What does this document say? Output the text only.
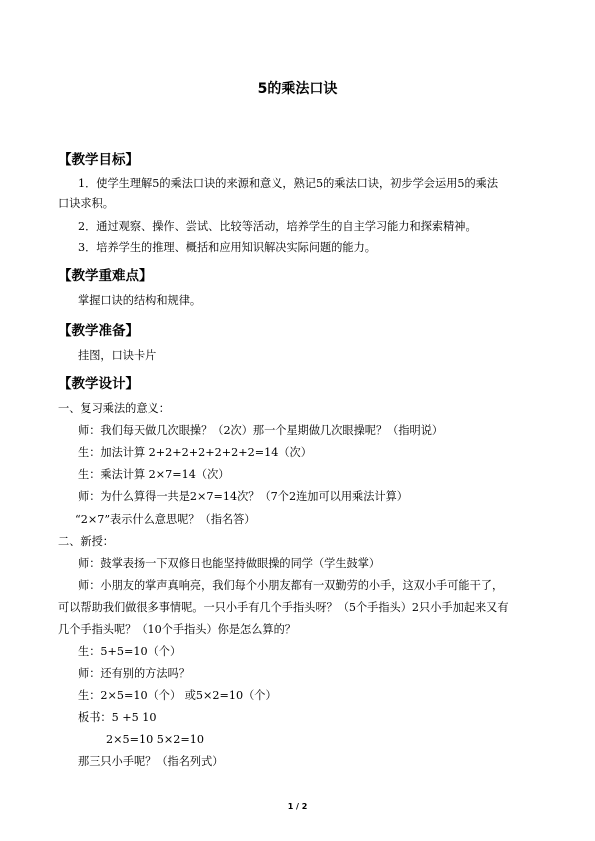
5的乘法口诀
【教学目标】
1．使学生理解5的乘法口诀的来源和意义，熟记5的乘法口诀，初步学会运用5的乘法
口诀求积。
2．通过观察、操作、尝试、比较等活动，培养学生的自主学习能力和探索精神。
3．培养学生的推理、概括和应用知识解决实际问题的能力。
【教学重难点】
掌握口诀的结构和规律。
【教学准备】
挂图，口诀卡片
【教学设计】
一、复习乘法的意义：
师：我们每天做几次眼操？（2次）那一个星期做几次眼操呢？（指明说）
生：加法计算 2+2+2+2+2+2+2=14（次）
生：乘法计算 2×7=14（次）
师：为什么算得一共是2×7=14次？（7个2连加可以用乘法计算）
“2×7”表示什么意思呢？（指名答）
二、新授：
师：鼓掌表扬一下双修日也能坚持做眼操的同学（学生鼓掌）
师：小朋友的掌声真响亮，我们每个小朋友都有一双勤劳的小手，这双小手可能干了，
可以帮助我们做很多事情呢。一只小手有几个手指头呀？（5个手指头）2只小手加起来又有
几个手指头呢？（10个手指头）你是怎么算的？
生：5+5=10（个）
师：还有别的方法吗？
生：2×5=10（个） 或5×2=10（个）
板书：5 +5 10
2×5=10 5×2=10
那三只小手呢？（指名列式）
1 / 2
